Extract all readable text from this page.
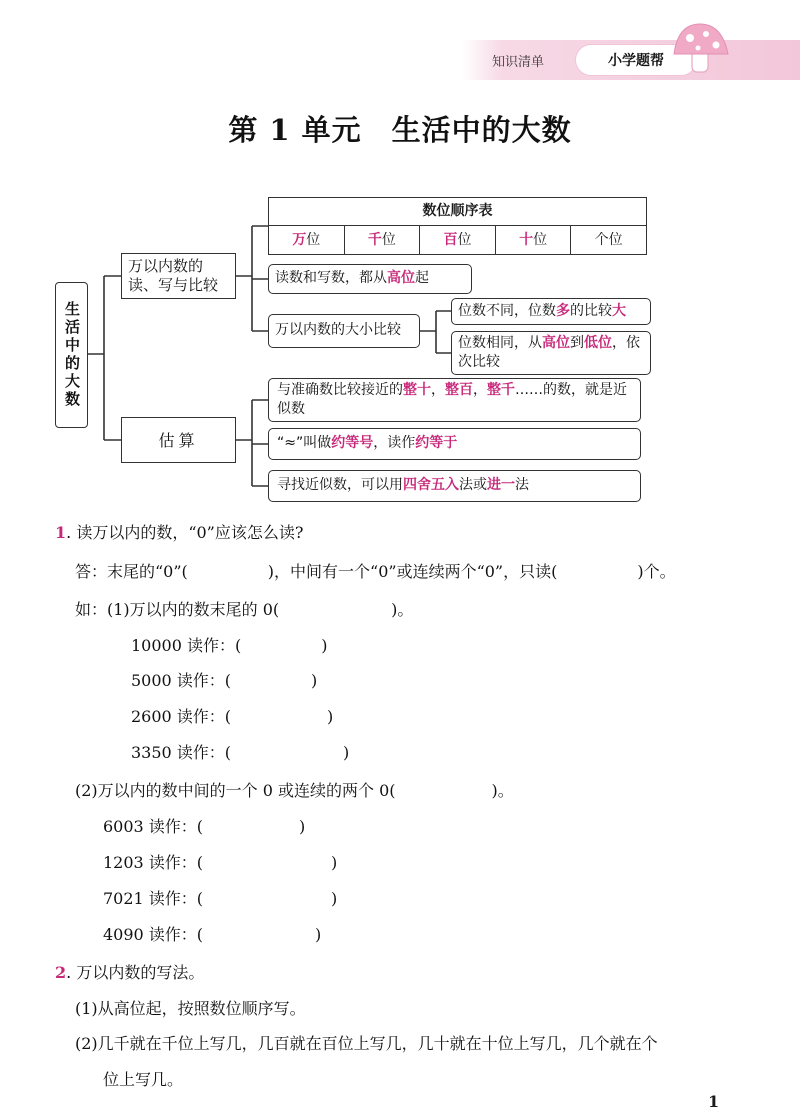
知识清单	小学题帮
第 1 单元　生活中的大数
生活中的大数
万以内数的读、写与比较
估算
数位顺序表
万位	千位	百位	十位	个位
读数和写数，都从高位起
万以内数的大小比较
位数不同，位数多的比较大
位数相同，从高位到低位，依次比较
与准确数比较接近的整十，整百，整千……的数，就是近似数
“≈”叫做约等号，读作约等于
寻找近似数，可以用四舍五入法或进一法
1. 读万以内的数，“0”应该怎么读?
答：末尾的“0”(　　　　　)，中间有一个“0”或连续两个“0”，只读(　　　　　)个。
如：(1)万以内的数末尾的 0(　　　　　　　)。
10000 读作：(　　　　　)
5000 读作：(　　　　　)
2600 读作：(　　　　　　)
3350 读作：(　　　　　　　)
(2)万以内的数中间的一个 0 或连续的两个 0(　　　　　　)。
6003 读作：(　　　　　　)
1203 读作：(　　　　　　　　)
7021 读作：(　　　　　　　　)
4090 读作：(　　　　　　　)
2. 万以内数的写法。
(1)从高位起，按照数位顺序写。
(2)几千就在千位上写几，几百就在百位上写几，几十就在十位上写几，几个就在个
位上写几。
1
